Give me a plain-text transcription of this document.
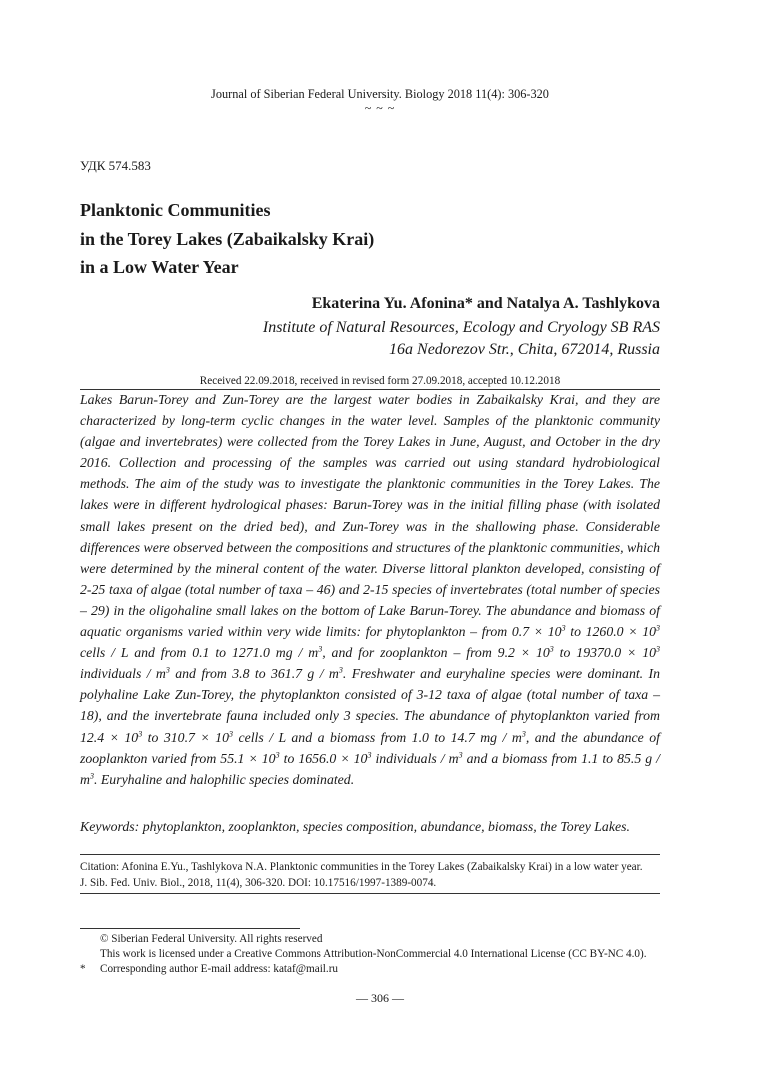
Journal of Siberian Federal University. Biology 2018 11(4): 306-320
~ ~ ~
УДК 574.583
Planktonic Communities
in the Torey Lakes (Zabaikalsky Krai)
in a Low Water Year
Ekaterina Yu. Afonina* and Natalya A. Tashlykova
Institute of Natural Resources, Ecology and Cryology SB RAS
16a Nedorezov Str., Chita, 672014, Russia
Received 22.09.2018, received in revised form 27.09.2018, accepted 10.12.2018
Lakes Barun-Torey and Zun-Torey are the largest water bodies in Zabaikalsky Krai, and they are characterized by long-term cyclic changes in the water level. Samples of the planktonic community (algae and invertebrates) were collected from the Torey Lakes in June, August, and October in the dry 2016. Collection and processing of the samples was carried out using standard hydrobiological methods. The aim of the study was to investigate the planktonic communities in the Torey Lakes. The lakes were in different hydrological phases: Barun-Torey was in the initial filling phase (with isolated small lakes present on the dried bed), and Zun-Torey was in the shallowing phase. Considerable differences were observed between the compositions and structures of the planktonic communities, which were determined by the mineral content of the water. Diverse littoral plankton developed, consisting of 2-25 taxa of algae (total number of taxa – 46) and 2-15 species of invertebrates (total number of species – 29) in the oligohaline small lakes on the bottom of Lake Barun-Torey. The abundance and biomass of aquatic organisms varied within very wide limits: for phytoplankton – from $0.7 \times 10^3$ to $1260.0 \times 10^3$ cells / L and from 0.1 to 1271.0 mg / $m^3$, and for zooplankton – from $9.2 \times 10^3$ to $19370.0 \times 10^3$ individuals / $m^3$ and from 3.8 to 361.7 g / $m^3$. Freshwater and euryhaline species were dominant. In polyhaline Lake Zun-Torey, the phytoplankton consisted of 3-12 taxa of algae (total number of taxa – 18), and the invertebrate fauna included only 3 species. The abundance of phytoplankton varied from $12.4 \times 10^3$ to $310.7 \times 10^3$ cells / L and a biomass from 1.0 to 14.7 mg / $m^3$, and the abundance of zooplankton varied from $55.1 \times 10^3$ to $1656.0 \times 10^3$ individuals / $m^3$ and a biomass from 1.1 to 85.5 g / $m^3$. Euryhaline and halophilic species dominated.
Keywords: phytoplankton, zooplankton, species composition, abundance, biomass, the Torey Lakes.
Citation: Afonina E.Yu., Tashlykova N.A. Planktonic communities in the Torey Lakes (Zabaikalsky Krai) in a low water year.
J. Sib. Fed. Univ. Biol., 2018, 11(4), 306-320. DOI: 10.17516/1997-1389-0074.
© Siberian Federal University. All rights reserved
This work is licensed under a Creative Commons Attribution-NonCommercial 4.0 International License (CC BY-NC 4.0).
* Corresponding author E-mail address: kataf@mail.ru
— 306 —
